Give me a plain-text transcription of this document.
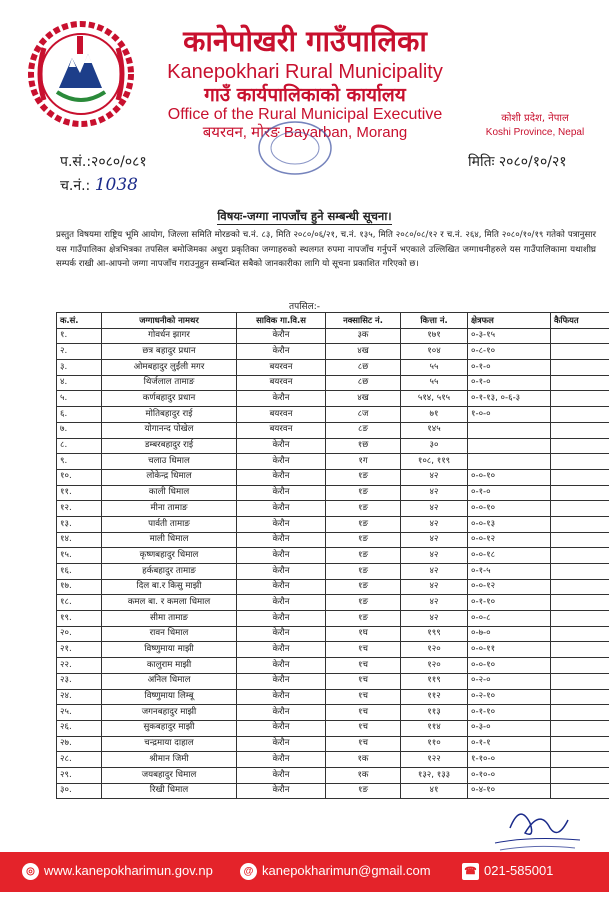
कानेपोखरी गाउँपालिका
Kanepokhari Rural Municipality
गाउँ कार्यपालिकाको कार्यालय
Office of the Rural Municipal Executive
बयरवन, मोरङ Bayarban, Morang
कोशी प्रदेश, नेपाल
Koshi Province, Nepal
प.सं.:२०८०/०८१
च.नं.: 1038
मितिः २०८०/१०/२१
विषयः-जग्गा नापजाँच हुने सम्बन्धी सूचना।
प्रस्तुत विषयमा राष्ट्रिय भूमि आयोग, जिल्ला समिति मोरङको च.नं. ८३, मिति २०८०/०६/२१, च.नं. १३५, मिति २०८०/०८/१२ र च.नं. २६४, मिति २०८०/१०/१९ गतेको पत्रानुसार यस गाउँपालिका क्षेत्रभित्रका तपसिल बमोजिमका अधुरा प्रकृतिका जग्गाहरुको स्थलगत रुपमा नापजाँच गर्नुपर्ने भएकाले उल्लिखित जग्गाधनीहरुले यस गाउँपालिकामा यथाशीघ्र सम्पर्क राखी आ-आफ्नो जग्गा नापजाँच गराउनुहुन सम्बन्धित सबैको जानकारीका लागि यो सूचना प्रकाशित गरिएको छ।
तपसिल:-
क.सं.	जग्गाधनीको नामथर	साविक गा.वि.स	नक्सासिट नं.	कित्ता नं.	क्षेत्रफल	कैफियत
१.	गोवर्धन झागर	केरौन	३क	१७१	०-३-१५	
२.	छत्र बहादुर प्रधान	केरौन	४ख	१०४	०-८-१०	
३.	ओमबहादुर लुईंली मगर	बयरवन	८छ	५५	०-१-०	
४.	थिर्जलाल तामाङ	बयरवन	८छ	५५	०-१-०	
५.	कर्णबहादुर प्रधान	केरौन	४ख	५१४, ५१५	०-१-१३, ०-६-३	
६.	मोतिबहादुर राई	बयरवन	८ज	७१	१-०-०	
७.	योगानन्द पोखेल	बयरवन	८ङ	१४५		
८.	डम्बरबहादुर राई	केरौन	१छ	३०		
९.	चलाउ धिमाल	केरौन	१ग	१०८, ११९		
१०.	लोकेन्द्र धिमाल	केरौन	१ङ	४२	०-०-१०	
११.	काली धिमाल	केरौन	१ङ	४२	०-१-०	
१२.	मीना तामाङ	केरौन	१ङ	४२	०-०-१०	
१३.	पार्वती तामाङ	केरौन	१ङ	४२	०-०-१३	
१४.	माली धिमाल	केरौन	१ङ	४२	०-०-१२	
१५.	कृष्णबहादुर धिमाल	केरौन	१ङ	४२	०-०-१८	
१६.	हर्कबहादुर तामाङ	केरौन	१ङ	४२	०-१-५	
१७.	दिल बा.र किसु माझी	केरौन	१ङ	४२	०-०-१२	
१८.	कमल बा. र कमला धिमाल	केरौन	१ङ	४२	०-१-१०	
१९.	सीमा तामाङ	केरौन	१ङ	४२	०-०-८	
२०.	रावन धिमाल	केरौन	१घ	१९९	०-७-०	
२१.	विष्णुमाया माझी	केरौन	१च	१२०	०-०-११	
२२.	कालुराम माझी	केरौन	१च	१२०	०-०-१०	
२३.	अनिल धिमाल	केरौन	१च	११९	०-२-०	
२४.	विष्णुमाया लिम्बू	केरौन	१च	११२	०-२-१०	
२५.	जगनबहादुर माझी	केरौन	१च	११३	०-१-१०	
२६.	सुकबहादुर माझी	केरौन	१च	११४	०-३-०	
२७.	चन्द्रमाया दाहाल	केरौन	१च	११०	०-१-१	
२८.	श्रीमान जिमी	केरौन	१क	१२२	१-१०-०	
२९.	जयबहादुर धिमाल	केरौन	१क	१३२, १३३	०-१०-०	
३०.	रिखी धिमाल	केरौन	१ङ	४१	०-४-१०	
◎ www.kanepokharimun.gov.np	@ kanepokharimun@gmail.com	☎ 021-585001
